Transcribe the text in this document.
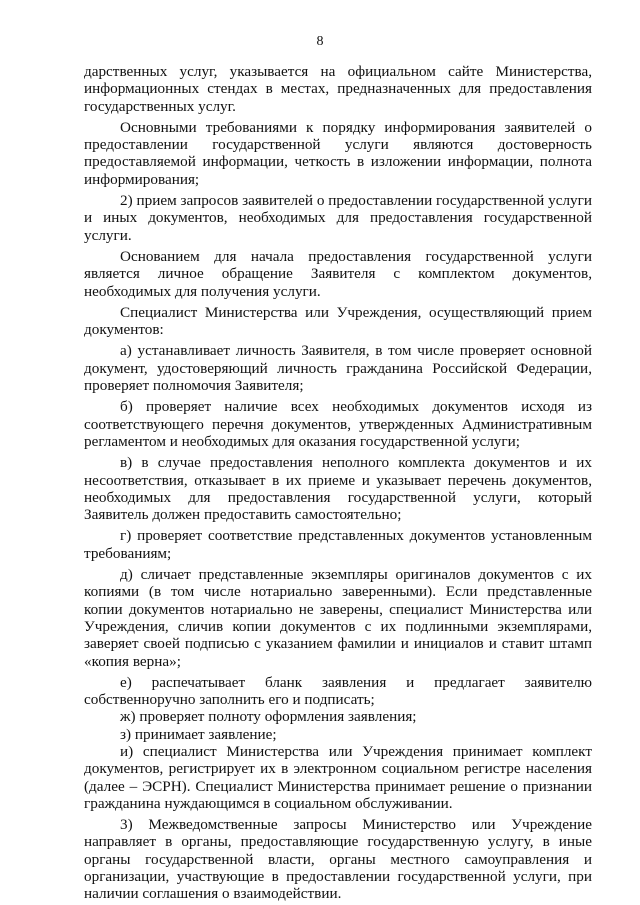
8

дарственных услуг, указывается на официальном сайте Министерства, информационных стендах в местах, предназначенных для предоставления государственных услуг.

Основными требованиями к порядку информирования заявителей о предоставлении государственной услуги являются достоверность предоставляемой информации, четкость в изложении информации, полнота информирования;

2) прием запросов заявителей о предоставлении государственной услуги и иных документов, необходимых для предоставления государственной услуги.

Основанием для начала предоставления государственной услуги является личное обращение Заявителя с комплектом документов, необходимых для получения услуги.

Специалист Министерства или Учреждения, осуществляющий прием документов:

а) устанавливает личность Заявителя, в том числе проверяет основной документ, удостоверяющий личность гражданина Российской Федерации, проверяет полномочия Заявителя;

б) проверяет наличие всех необходимых документов исходя из соответствующего перечня документов, утвержденных Административным регламентом и необходимых для оказания государственной услуги;

в) в случае предоставления неполного комплекта документов и их несоответствия, отказывает в их приеме и указывает перечень документов, необходимых для предоставления государственной услуги, который Заявитель должен предоставить самостоятельно;

г) проверяет соответствие представленных документов установленным требованиям;

д) сличает представленные экземпляры оригиналов документов с их копиями (в том числе нотариально заверенными). Если представленные копии документов нотариально не заверены, специалист Министерства или Учреждения, сличив копии документов с их подлинными экземплярами, заверяет своей подписью с указанием фамилии и инициалов и ставит штамп «копия верна»;

е) распечатывает бланк заявления и предлагает заявителю собственноручно заполнить его и подписать;

ж) проверяет полноту оформления заявления;

з) принимает заявление;

и) специалист Министерства или Учреждения принимает комплект документов, регистрирует их в электронном социальном регистре населения (далее – ЭСРН). Специалист Министерства принимает решение о признании гражданина нуждающимся в социальном обслуживании.

3) Межведомственные запросы Министерство или Учреждение направляет в органы, предоставляющие государственную услугу, в иные органы государственной власти, органы местного самоуправления и организации, участвующие в предоставлении государственной услуги, при наличии соглашения о взаимодействии.
